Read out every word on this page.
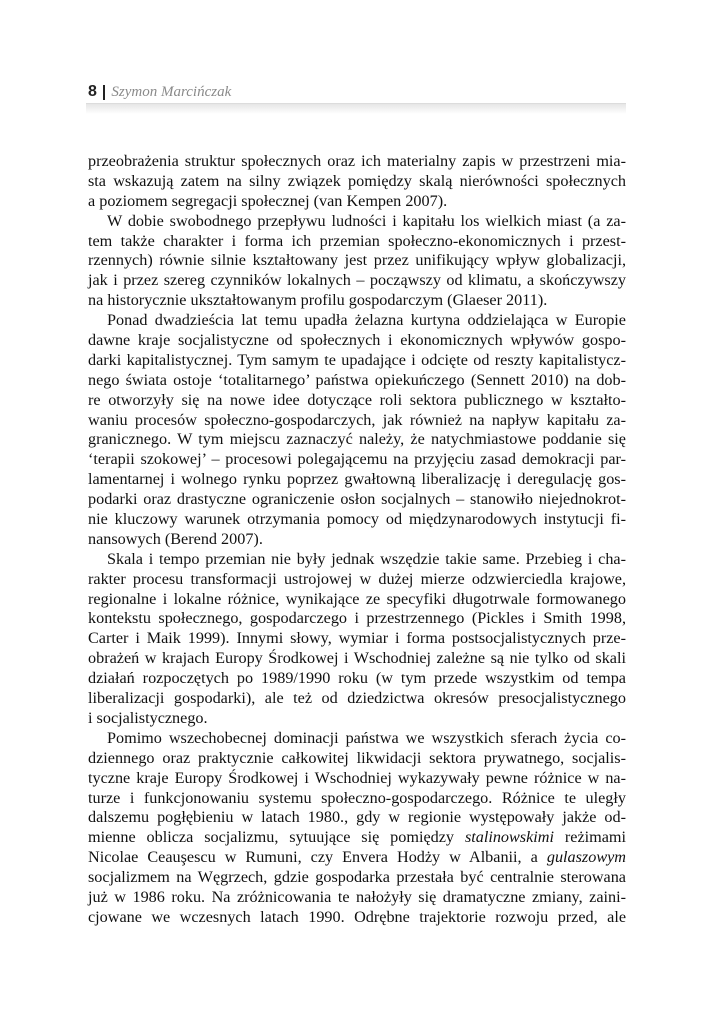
8 Szymon Marcińczak
przeobrażenia struktur społecznych oraz ich materialny zapis w przestrzeni mia-
sta wskazują zatem na silny związek pomiędzy skalą nierówności społecznych
a poziomem segregacji społecznej (van Kempen 2007).
W dobie swobodnego przepływu ludności i kapitału los wielkich miast (a za-
tem także charakter i forma ich przemian społeczno-ekonomicznych i przest-
rzennych) równie silnie kształtowany jest przez unifikujący wpływ globalizacji,
jak i przez szereg czynników lokalnych – począwszy od klimatu, a skończywszy
na historycznie ukształtowanym profilu gospodarczym (Glaeser 2011).
Ponad dwadzieścia lat temu upadła żelazna kurtyna oddzielająca w Europie
dawne kraje socjalistyczne od społecznych i ekonomicznych wpływów gospo-
darki kapitalistycznej. Tym samym te upadające i odcięte od reszty kapitalistycz-
nego świata ostoje ‘totalitarnego’ państwa opiekuńczego (Sennett 2010) na dob-
re otworzyły się na nowe idee dotyczące roli sektora publicznego w kształto-
waniu procesów społeczno-gospodarczych, jak również na napływ kapitału za-
granicznego. W tym miejscu zaznaczyć należy, że natychmiastowe poddanie się
‘terapii szokowej’ – procesowi polegającemu na przyjęciu zasad demokracji par-
lamentarnej i wolnego rynku poprzez gwałtowną liberalizację i deregulację gos-
podarki oraz drastyczne ograniczenie osłon socjalnych – stanowiło niejednokrot-
nie kluczowy warunek otrzymania pomocy od międzynarodowych instytucji fi-
nansowych (Berend 2007).
Skala i tempo przemian nie były jednak wszędzie takie same. Przebieg i cha-
rakter procesu transformacji ustrojowej w dużej mierze odzwierciedla krajowe,
regionalne i lokalne różnice, wynikające ze specyfiki długotrwale formowanego
kontekstu społecznego, gospodarczego i przestrzennego (Pickles i Smith 1998,
Carter i Maik 1999). Innymi słowy, wymiar i forma postsocjalistycznych prze-
obrażeń w krajach Europy Środkowej i Wschodniej zależne są nie tylko od skali
działań rozpoczętych po 1989/1990 roku (w tym przede wszystkim od tempa
liberalizacji gospodarki), ale też od dziedzictwa okresów presocjalistycznego
i socjalistycznego.
Pomimo wszechobecnej dominacji państwa we wszystkich sferach życia co-
dziennego oraz praktycznie całkowitej likwidacji sektora prywatnego, socjalis-
tyczne kraje Europy Środkowej i Wschodniej wykazywały pewne różnice w na-
turze i funkcjonowaniu systemu społeczno-gospodarczego. Różnice te uległy
dalszemu pogłębieniu w latach 1980., gdy w regionie występowały jakże od-
mienne oblicza socjalizmu, sytuujące się pomiędzy stalinowskimi reżimami
Nicolae Ceauşescu w Rumuni, czy Envera Hodży w Albanii, a gulaszowym
socjalizmem na Węgrzech, gdzie gospodarka przestała być centralnie sterowana
już w 1986 roku. Na zróżnicowania te nałożyły się dramatyczne zmiany, zaini-
cjowane we wczesnych latach 1990. Odrębne trajektorie rozwoju przed, ale
